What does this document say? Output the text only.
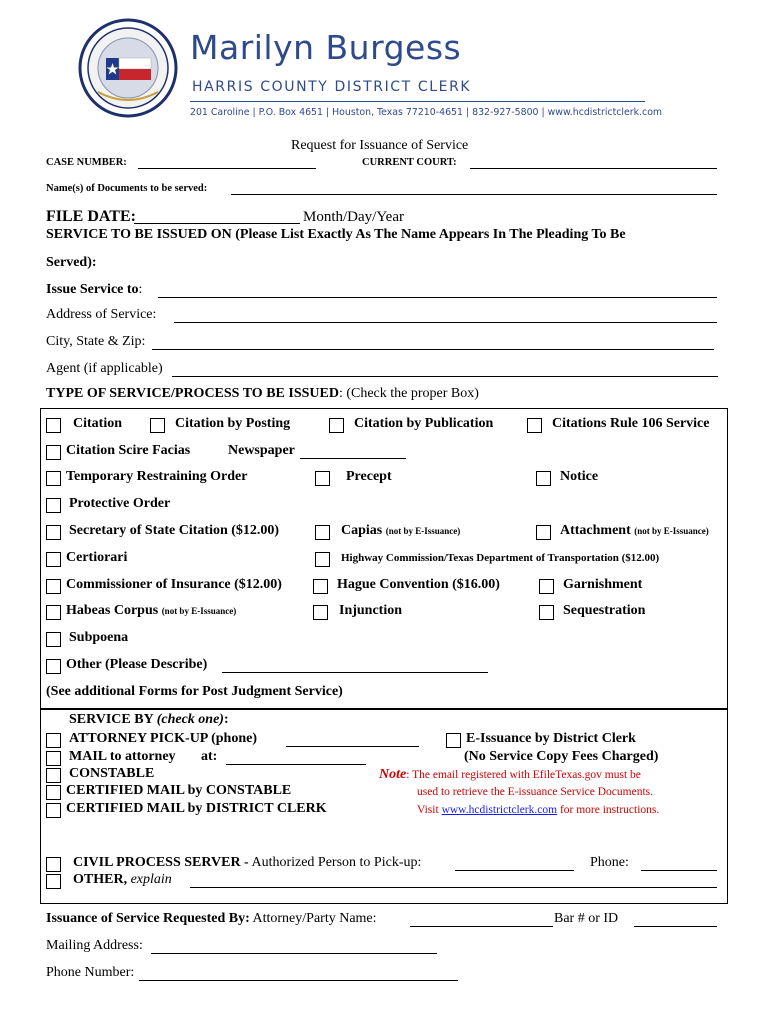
Marilyn Burgess
HARRIS COUNTY DISTRICT CLERK
201 Caroline | P.O. Box 4651 | Houston, Texas 77210-4651 | 832-927-5800 | www.hcdistrictclerk.com
Request for Issuance of Service
CASE NUMBER:	CURRENT COURT:
Name(s) of Documents to be served:
FILE DATE:	Month/Day/Year
SERVICE TO BE ISSUED ON (Please List Exactly As The Name Appears In The Pleading To Be
Served):
Issue Service to:
Address of Service:
City, State & Zip:
Agent (if applicable)
TYPE OF SERVICE/PROCESS TO BE ISSUED: (Check the proper Box)
Citation	Citation by Posting	Citation by Publication	Citations Rule 106 Service
Citation Scire Facias	Newspaper
Temporary Restraining Order	Precept	Notice
Protective Order
Secretary of State Citation ($12.00)	Capias (not by E-Issuance)	Attachment (not by E-Issuance)
Certiorari	Highway Commission/Texas Department of Transportation ($12.00)
Commissioner of Insurance ($12.00)	Hague Convention ($16.00)	Garnishment
Habeas Corpus (not by E-Issuance)	Injunction	Sequestration
Subpoena
Other (Please Describe)
(See additional Forms for Post Judgment Service)
SERVICE BY (check one):
ATTORNEY PICK-UP (phone)
MAIL to attorney at:
CONSTABLE
CERTIFIED MAIL by CONSTABLE
CERTIFIED MAIL by DISTRICT CLERK
E-Issuance by District Clerk
(No Service Copy Fees Charged)
Note: The email registered with EfileTexas.gov must be
used to retrieve the E-issuance Service Documents.
Visit www.hcdistrictclerk.com for more instructions.
CIVIL PROCESS SERVER - Authorized Person to Pick-up:	Phone:
OTHER, explain
Issuance of Service Requested By: Attorney/Party Name:	Bar # or ID
Mailing Address:
Phone Number:
